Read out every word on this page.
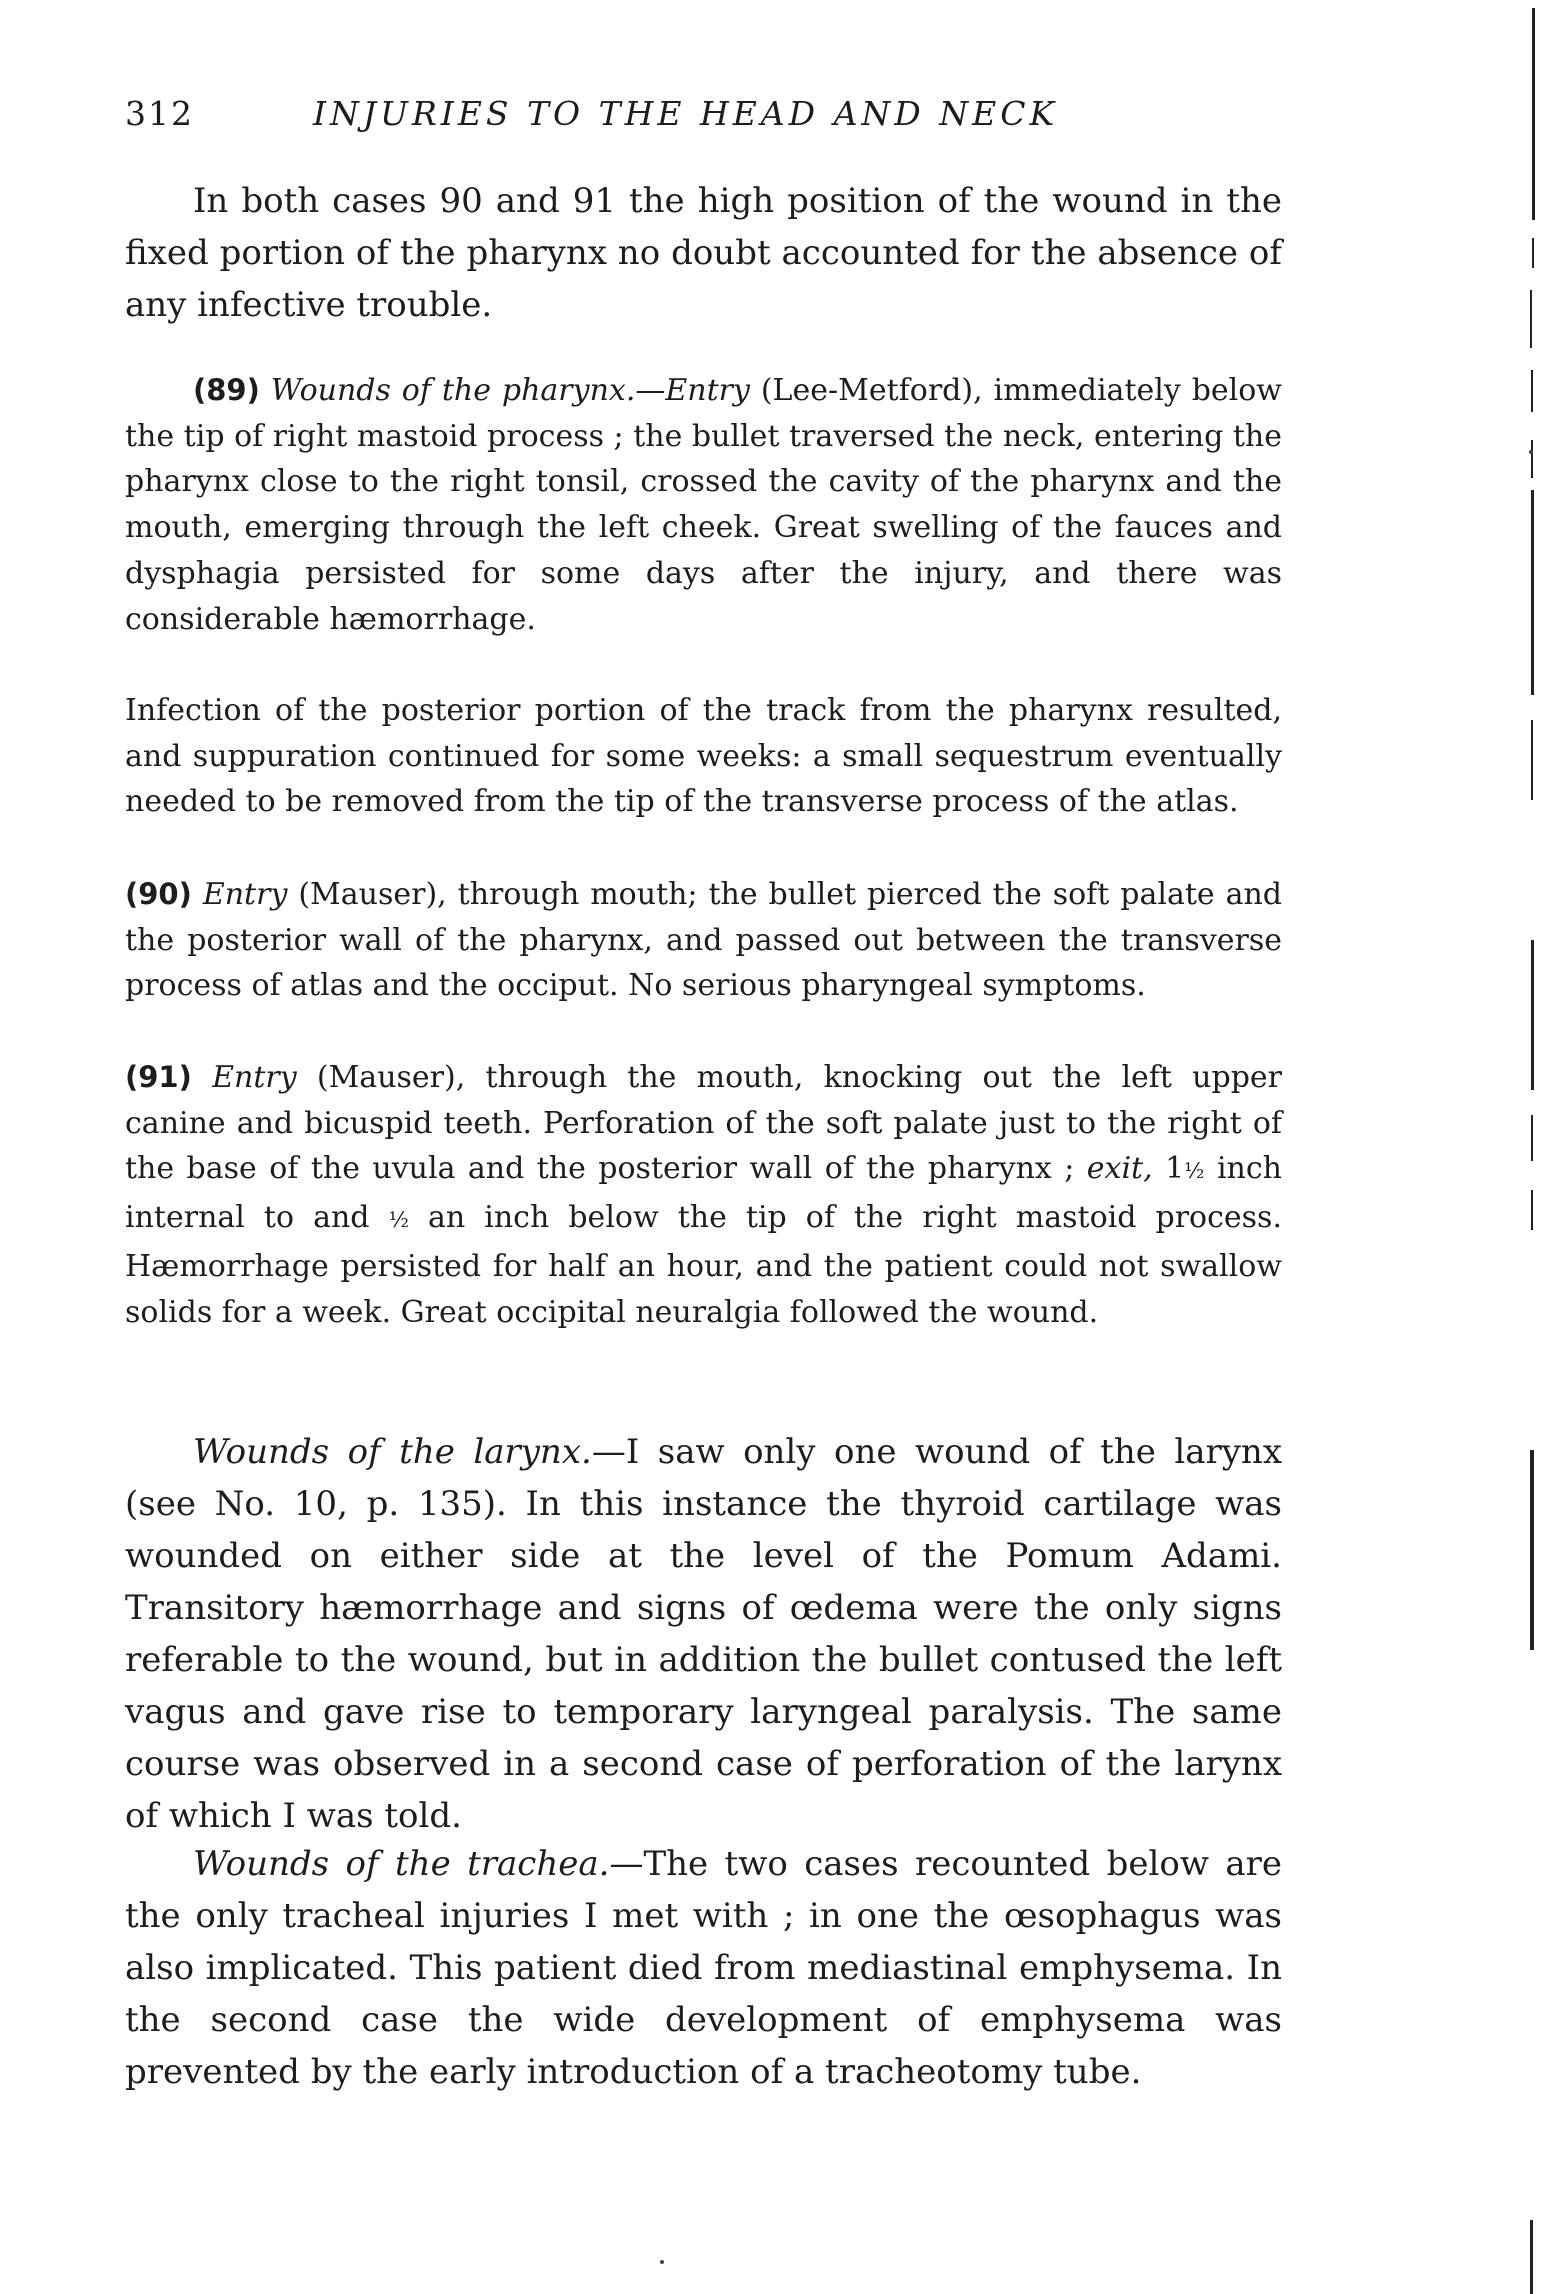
312	INJURIES TO THE HEAD AND NECK

In both cases 90 and 91 the high position of the wound in the fixed portion of the pharynx no doubt accounted for the absence of any infective trouble.

(89) Wounds of the pharynx.—Entry (Lee-Metford), immediately below the tip of right mastoid process ; the bullet traversed the neck, entering the pharynx close to the right tonsil, crossed the cavity of the pharynx and the mouth, emerging through the left cheek. Great swelling of the fauces and dysphagia persisted for some days after the injury, and there was considerable hæmorrhage.

Infection of the posterior portion of the track from the pharynx resulted, and suppuration continued for some weeks: a small sequestrum eventually needed to be removed from the tip of the transverse process of the atlas.

(90) Entry (Mauser), through mouth; the bullet pierced the soft palate and the posterior wall of the pharynx, and passed out between the transverse process of atlas and the occiput. No serious pharyngeal symptoms.

(91) Entry (Mauser), through the mouth, knocking out the left upper canine and bicuspid teeth. Perforation of the soft palate just to the right of the base of the uvula and the posterior wall of the pharynx ; exit, 1½ inch internal to and ½ an inch below the tip of the right mastoid process. Hæmorrhage persisted for half an hour, and the patient could not swallow solids for a week. Great occipital neuralgia followed the wound.

Wounds of the larynx.—I saw only one wound of the larynx (see No. 10, p. 135). In this instance the thyroid cartilage was wounded on either side at the level of the Pomum Adami. Transitory hæmorrhage and signs of œdema were the only signs referable to the wound, but in addition the bullet contused the left vagus and gave rise to temporary laryngeal paralysis. The same course was observed in a second case of perforation of the larynx of which I was told.

Wounds of the trachea.—The two cases recounted below are the only tracheal injuries I met with ; in one the œsophagus was also implicated. This patient died from mediastinal emphysema. In the second case the wide development of emphysema was prevented by the early introduction of a tracheotomy tube.
